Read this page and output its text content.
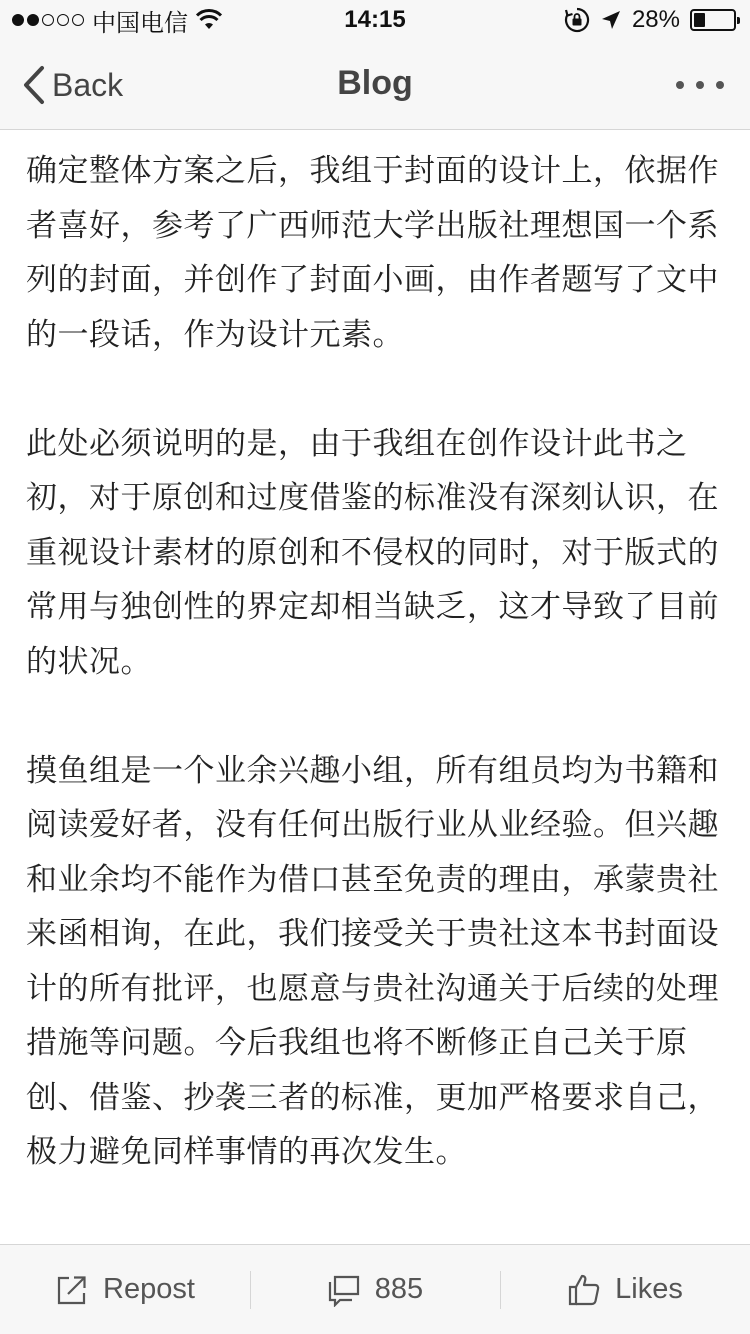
中国电信	14:15	28%
Back	Blog

确定整体方案之后，我组于封面的设计上，依据作者喜好，参考了广西师范大学出版社理想国一个系列的封面，并创作了封面小画，由作者题写了文中的一段话，作为设计元素。

此处必须说明的是，由于我组在创作设计此书之初，对于原创和过度借鉴的标准没有深刻认识，在重视设计素材的原创和不侵权的同时，对于版式的常用与独创性的界定却相当缺乏，这才导致了目前的状况。

摸鱼组是一个业余兴趣小组，所有组员均为书籍和阅读爱好者，没有任何出版行业从业经验。但兴趣和业余均不能作为借口甚至免责的理由，承蒙贵社来函相询，在此，我们接受关于贵社这本书封面设计的所有批评，也愿意与贵社沟通关于后续的处理措施等问题。今后我组也将不断修正自己关于原创、借鉴、抄袭三者的标准，更加严格要求自己，极力避免同样事情的再次发生。

Repost	885	Likes
